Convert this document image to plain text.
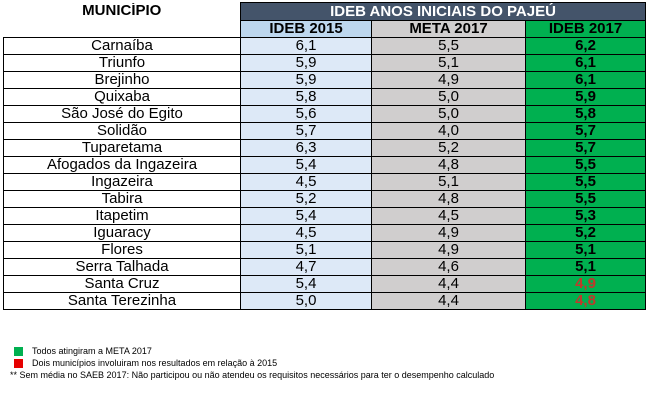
MUNICÍPIO	IDEB ANOS INICIAIS DO PAJEÚ		
	IDEB 2015	META 2017	IDEB 2017
Carnaíba	6,1	5,5	6,2
Triunfo	5,9	5,1	6,1
Brejinho	5,9	4,9	6,1
Quixaba	5,8	5,0	5,9
São José do Egito	5,6	5,0	5,8
Solidão	5,7	4,0	5,7
Tuparetama	6,3	5,2	5,7
Afogados da Ingazeira	5,4	4,8	5,5
Ingazeira	4,5	5,1	5,5
Tabira	5,2	4,8	5,5
Itapetim	5,4	4,5	5,3
Iguaracy	4,5	4,9	5,2
Flores	5,1	4,9	5,1
Serra Talhada	4,7	4,6	5,1
Santa Cruz	5,4	4,4	4,9
Santa Terezinha	5,0	4,4	4,8
Todos atingiram a META 2017
Dois municípios involuiram nos resultados em relação à 2015
** Sem média no SAEB 2017: Não participou ou não atendeu os requisitos necessários para ter o desempenho calculado
